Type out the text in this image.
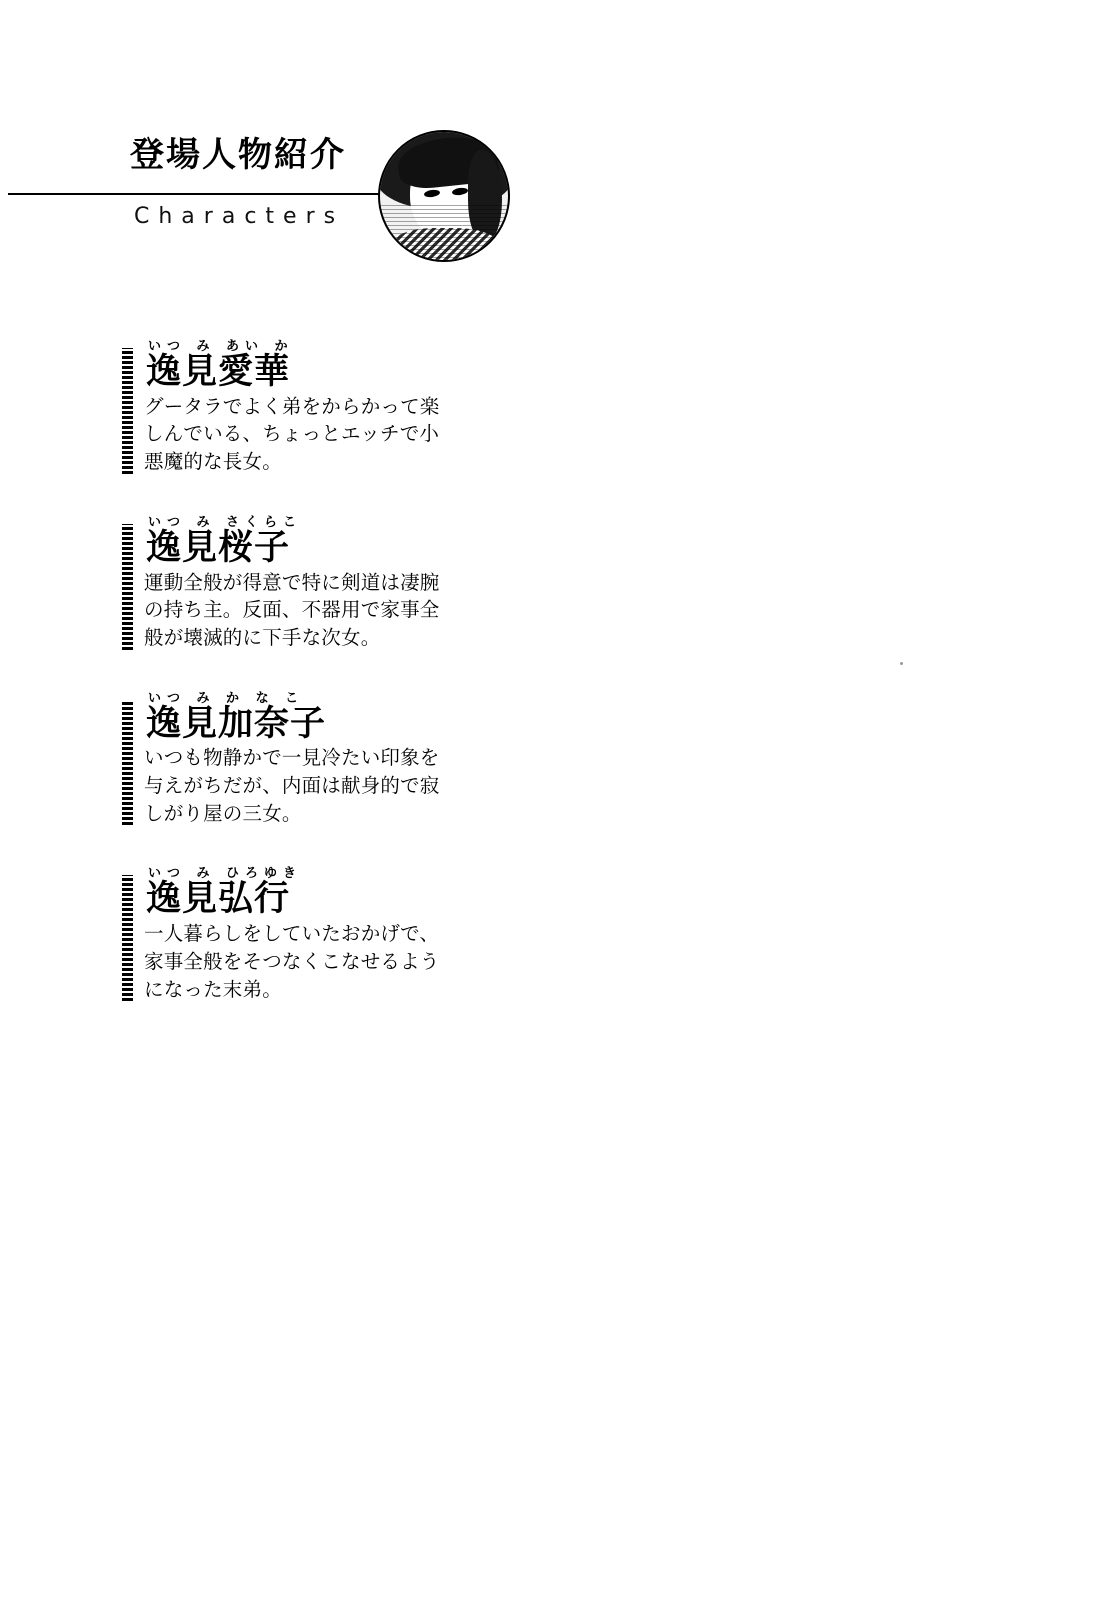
登場人物紹介
Characters
いつ み あい か
逸見愛華
グータラでよく弟をからかって楽しんでいる、ちょっとエッチで小悪魔的な長女。
いつ み さくらこ
逸見桜子
運動全般が得意で特に剣道は凄腕の持ち主。反面、不器用で家事全般が壊滅的に下手な次女。
いつ み か な こ
逸見加奈子
いつも物静かで一見冷たい印象を与えがちだが、内面は献身的で寂しがり屋の三女。
いつ み ひろゆき
逸見弘行
一人暮らしをしていたおかげで、家事全般をそつなくこなせるようになった末弟。
